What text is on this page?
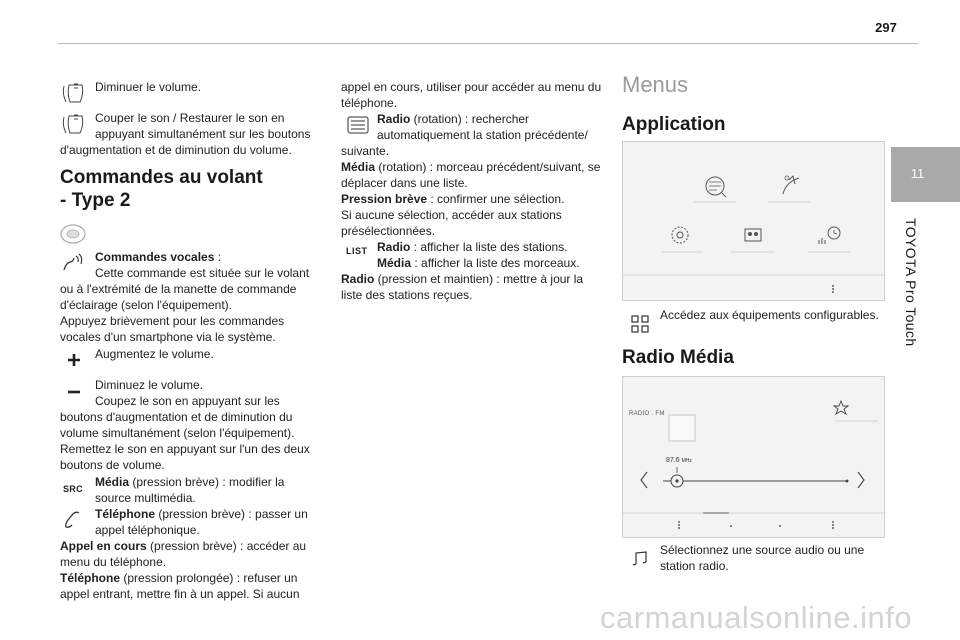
297
11
TOYOTA Pro Touch
Diminuer le volume.
Couper le son / Restaurer le son en
appuyant simultanément sur les boutons
d'augmentation et de diminution du volume.
Commandes au volant
- Type 2
Commandes vocales :
Cette commande est située sur le volant
ou à l'extrémité de la manette de commande
d'éclairage (selon l'équipement).
Appuyez brièvement pour les commandes
vocales d'un smartphone via le système.
Augmentez le volume.
Diminuez le volume.
Coupez le son en appuyant sur les
boutons d'augmentation et de diminution du
volume simultanément (selon l'équipement).
Remettez le son en appuyant sur l'un des deux
boutons de volume.
SRC Média (pression brève) : modifier la
source multimédia.
Téléphone (pression brève) : passer un
appel téléphonique.
Appel en cours (pression brève) : accéder au
menu du téléphone.
Téléphone (pression prolongée) : refuser un
appel entrant, mettre fin à un appel. Si aucun
appel en cours, utiliser pour accéder au menu du
téléphone.
Radio (rotation) : rechercher
automatiquement la station précédente/
suivante.
Média (rotation) : morceau précédent/suivant, se
déplacer dans une liste.
Pression brève : confirmer une sélection.
Si aucune sélection, accéder aux stations
présélectionnées.
LIST Radio : afficher la liste des stations.
Média : afficher la liste des morceaux.
Radio (pression et maintien) : mettre à jour la
liste des stations reçues.
Menus
Application
Accédez aux équipements configurables.
Radio Média
RADIO . FM
87.6 MHz
Sélectionnez une source audio ou une
station radio.
carmanualsonline.info
